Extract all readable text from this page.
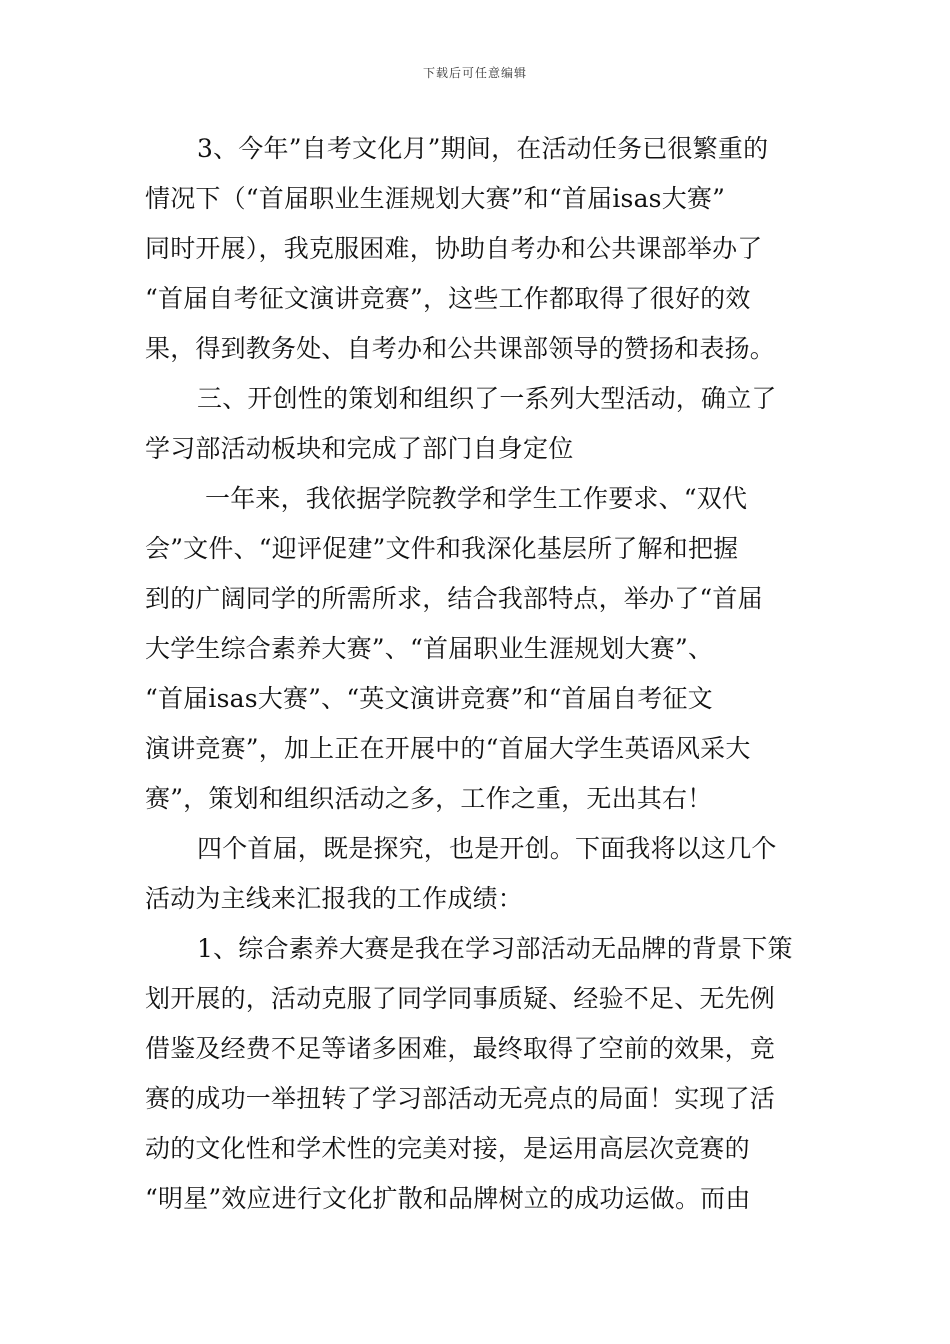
下载后可任意编辑
3、今年”自考文化月”期间，在活动任务已很繁重的
情况下（“首届职业生涯规划大赛”和“首届isas大赛”
同时开展），我克服困难，协助自考办和公共课部举办了
“首届自考征文演讲竞赛”，这些工作都取得了很好的效
果，得到教务处、自考办和公共课部领导的赞扬和表扬。
三、开创性的策划和组织了一系列大型活动，确立了
学习部活动板块和完成了部门自身定位
一年来，我依据学院教学和学生工作要求、“双代
会”文件、“迎评促建”文件和我深化基层所了解和把握
到的广阔同学的所需所求，结合我部特点，举办了“首届
大学生综合素养大赛”、“首届职业生涯规划大赛”、
“首届isas大赛”、“英文演讲竞赛”和“首届自考征文
演讲竞赛”，加上正在开展中的“首届大学生英语风采大
赛”，策划和组织活动之多，工作之重，无出其右！
四个首届，既是探究，也是开创。下面我将以这几个
活动为主线来汇报我的工作成绩：
1、综合素养大赛是我在学习部活动无品牌的背景下策
划开展的，活动克服了同学同事质疑、经验不足、无先例
借鉴及经费不足等诸多困难，最终取得了空前的效果，竞
赛的成功一举扭转了学习部活动无亮点的局面！实现了活
动的文化性和学术性的完美对接，是运用高层次竞赛的
“明星”效应进行文化扩散和品牌树立的成功运做。而由
